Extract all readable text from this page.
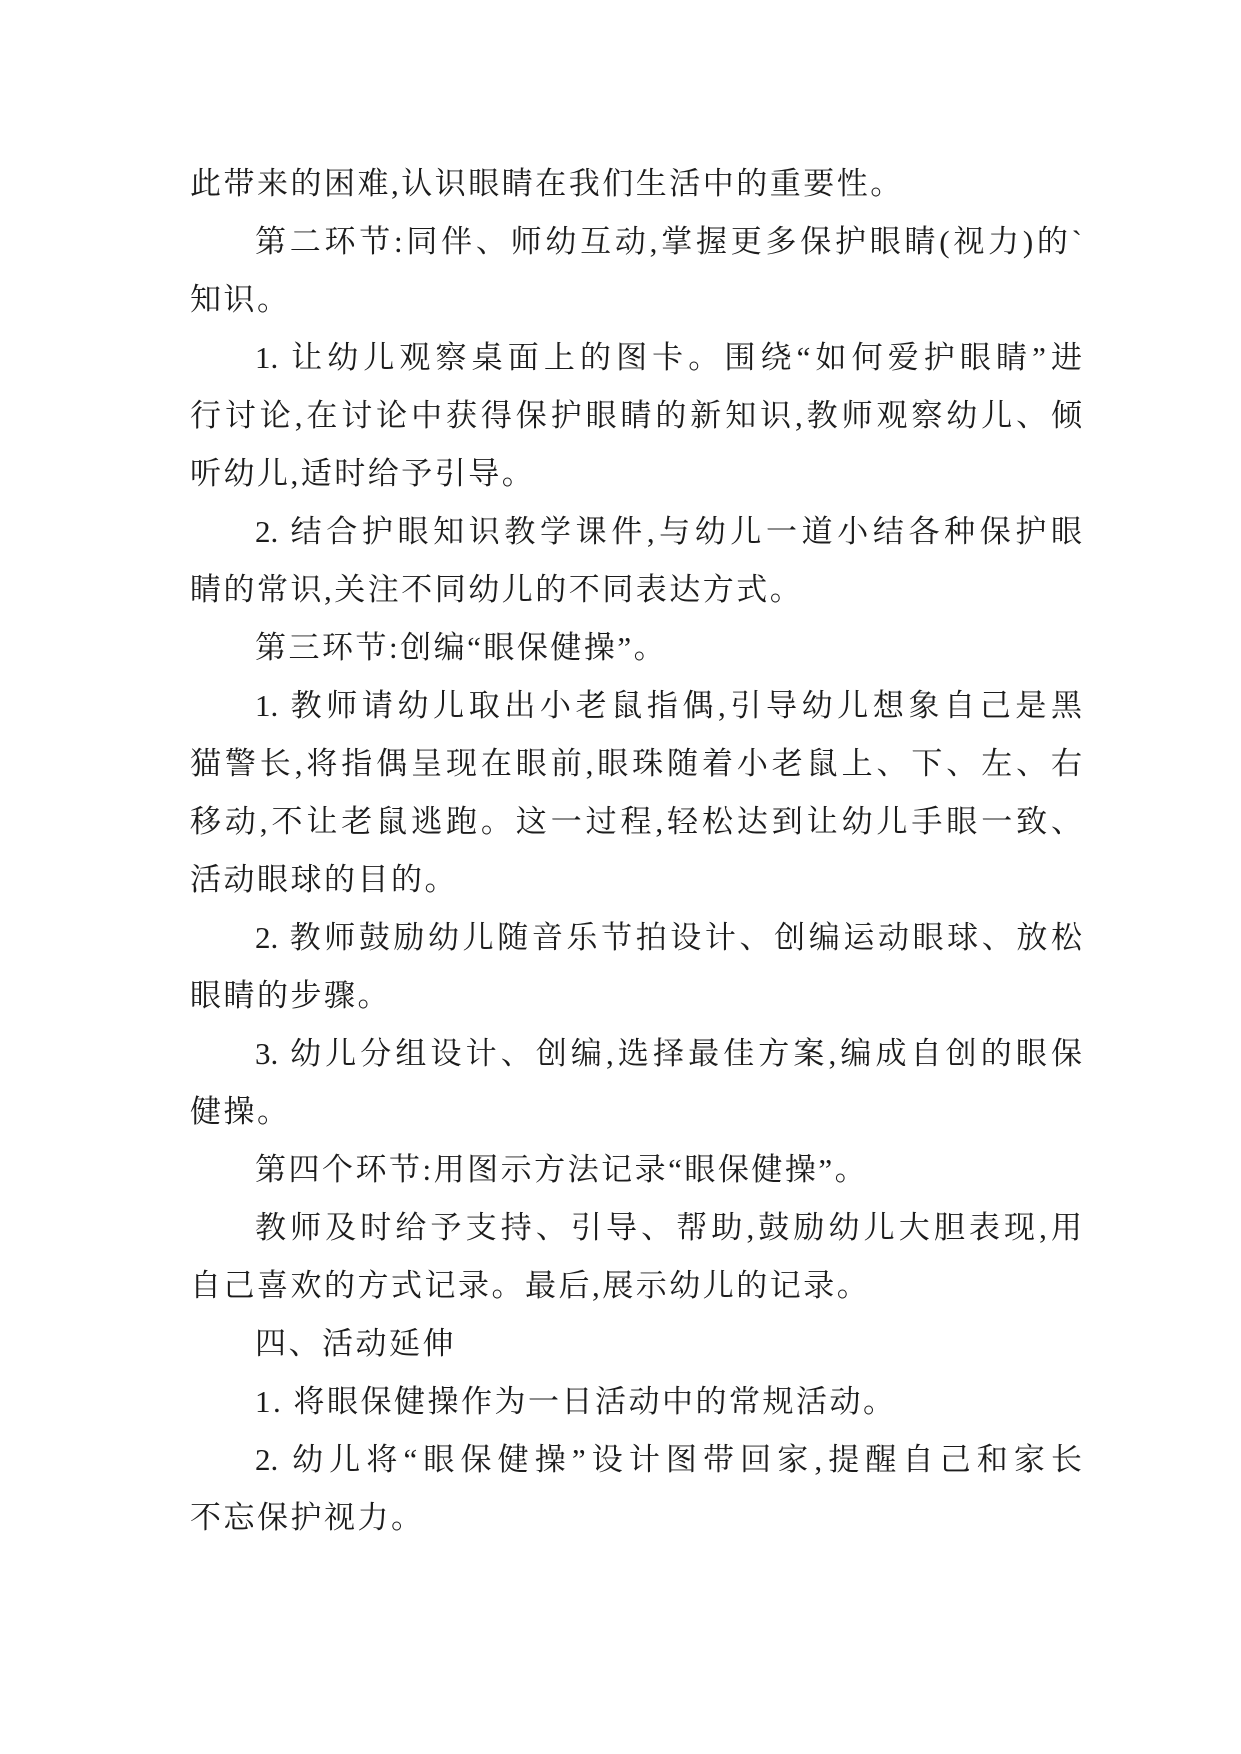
此带来的困难,认识眼睛在我们生活中的重要性。
第二环节:同伴、师幼互动,掌握更多保护眼睛(视力)的`
知识。
1. 让幼儿观察桌面上的图卡。围绕“如何爱护眼睛”进
行讨论,在讨论中获得保护眼睛的新知识,教师观察幼儿、倾
听幼儿,适时给予引导。
2. 结合护眼知识教学课件,与幼儿一道小结各种保护眼
睛的常识,关注不同幼儿的不同表达方式。
第三环节:创编“眼保健操”。
1. 教师请幼儿取出小老鼠指偶,引导幼儿想象自己是黑
猫警长,将指偶呈现在眼前,眼珠随着小老鼠上、下、左、右
移动,不让老鼠逃跑。这一过程,轻松达到让幼儿手眼一致、
活动眼球的目的。
2. 教师鼓励幼儿随音乐节拍设计、创编运动眼球、放松
眼睛的步骤。
3. 幼儿分组设计、创编,选择最佳方案,编成自创的眼保
健操。
第四个环节:用图示方法记录“眼保健操”。
教师及时给予支持、引导、帮助,鼓励幼儿大胆表现,用
自己喜欢的方式记录。最后,展示幼儿的记录。
四、活动延伸
1. 将眼保健操作为一日活动中的常规活动。
2. 幼儿将“眼保健操”设计图带回家,提醒自己和家长
不忘保护视力。
